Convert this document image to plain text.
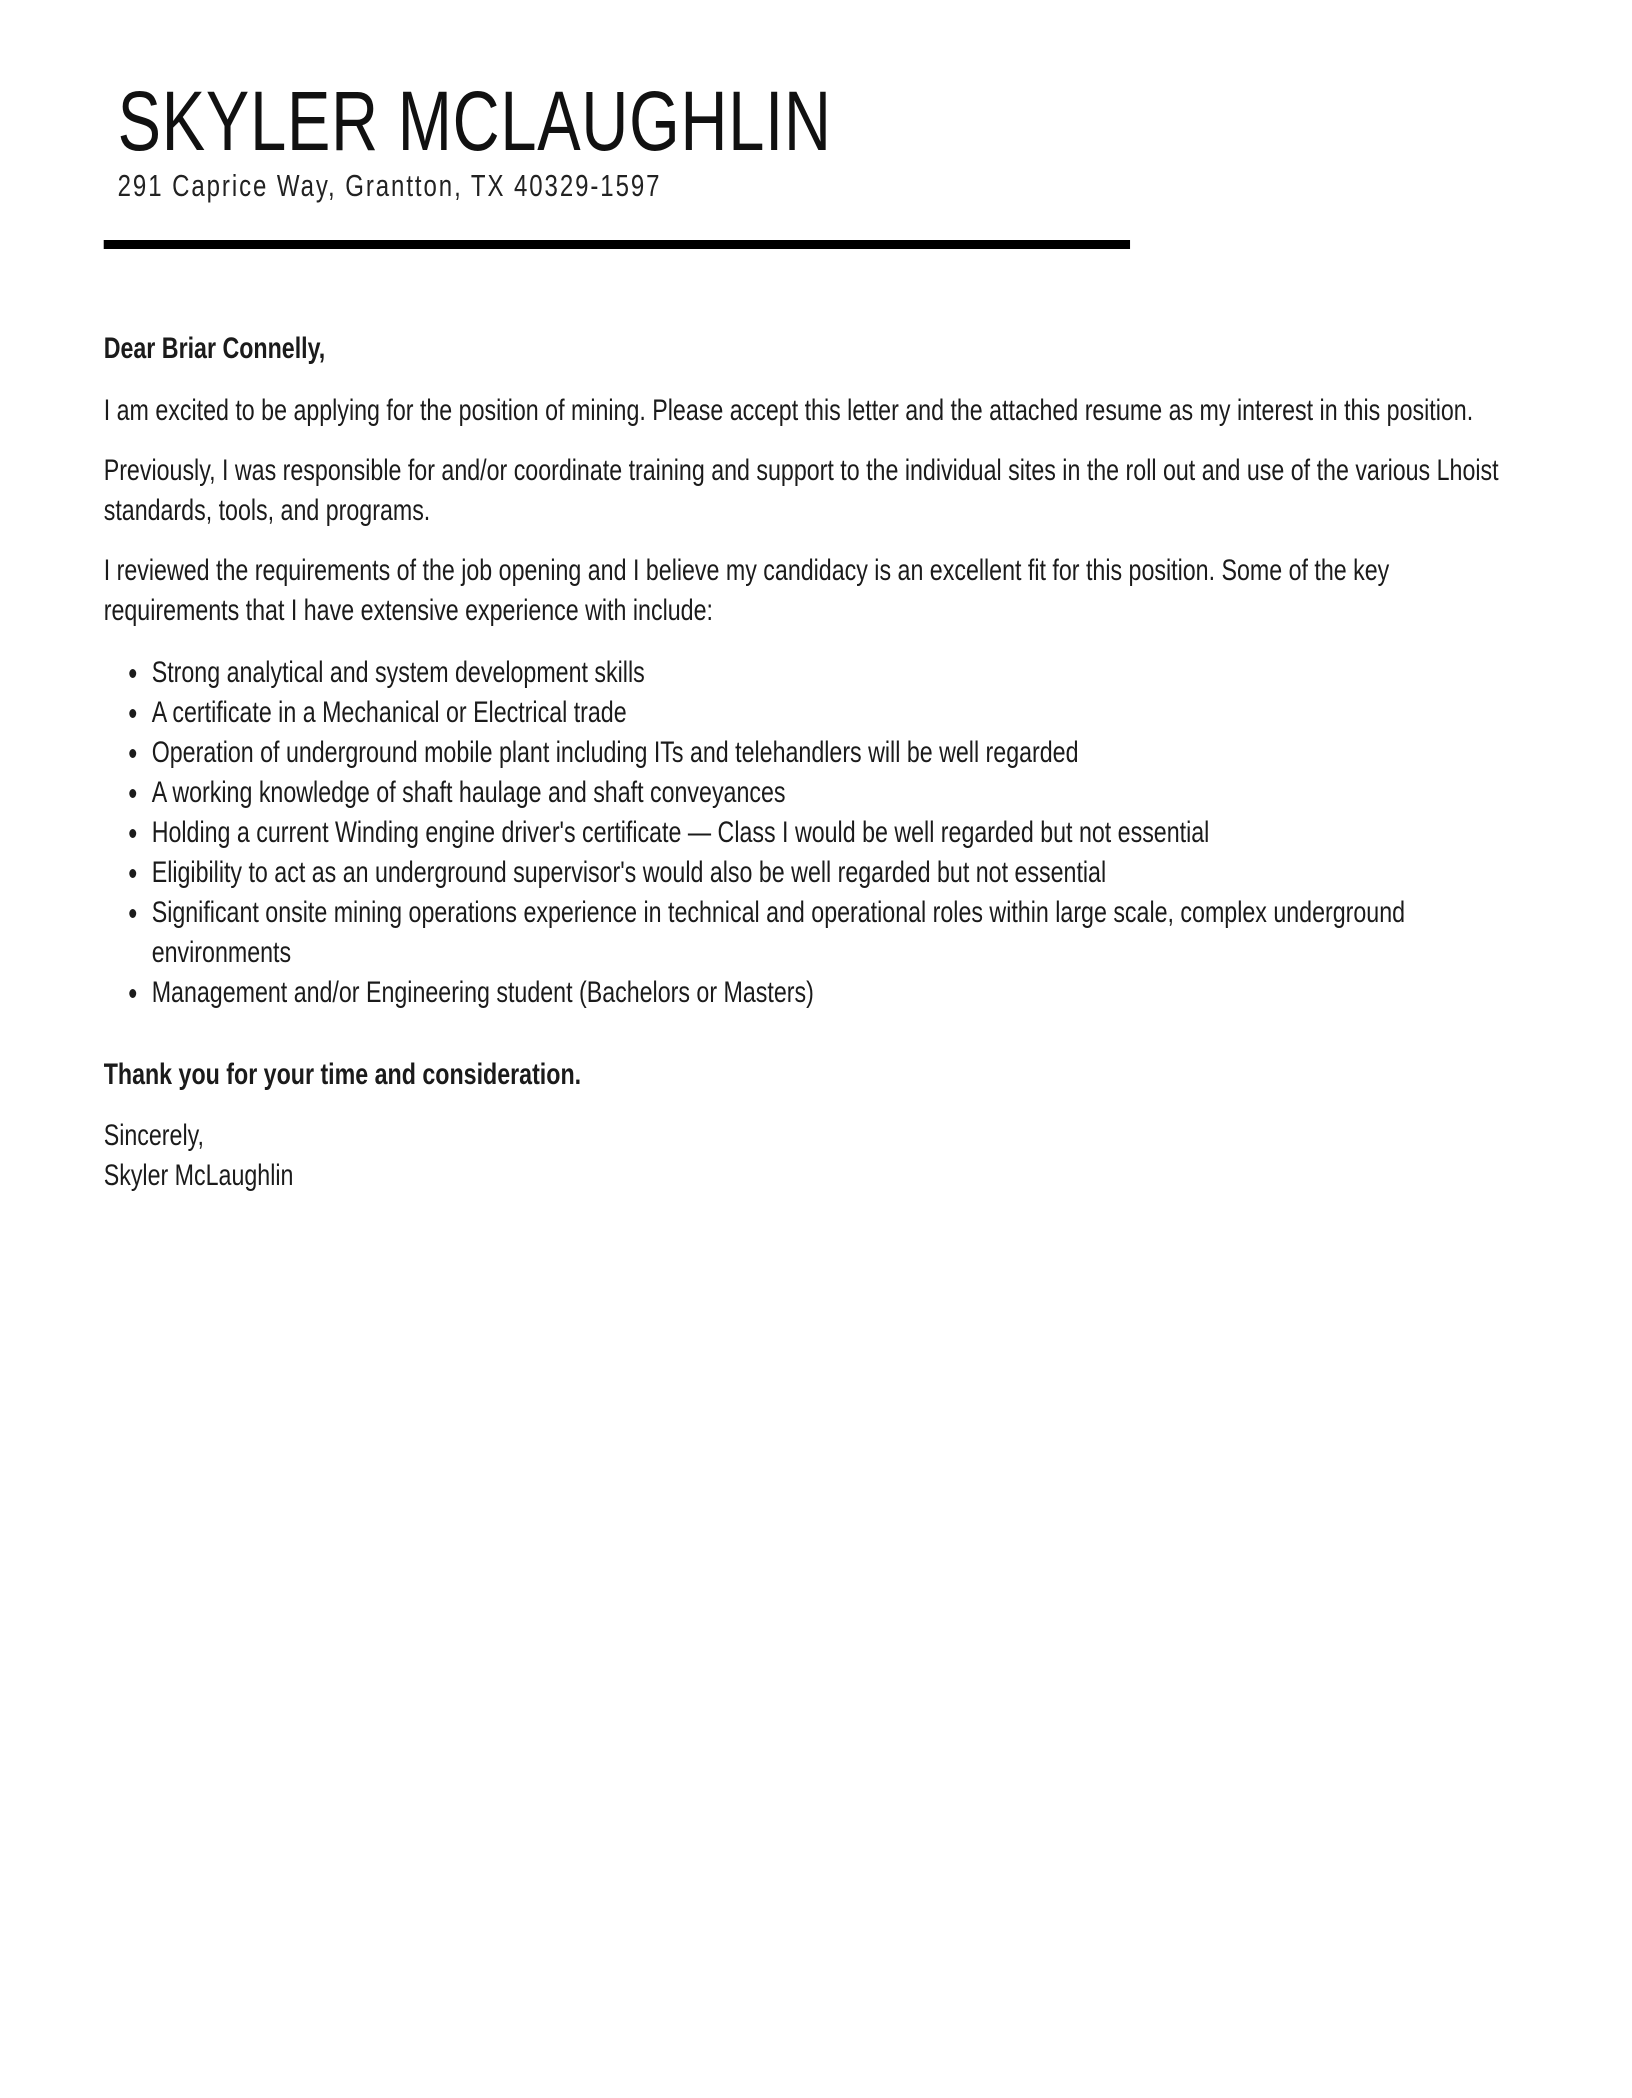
SKYLER MCLAUGHLIN
291 Caprice Way, Grantton, TX 40329-1597

Dear Briar Connelly,

I am excited to be applying for the position of mining. Please accept this letter and the attached resume as my interest in this position.

Previously, I was responsible for and/or coordinate training and support to the individual sites in the roll out and use of the various Lhoist standards, tools, and programs.

I reviewed the requirements of the job opening and I believe my candidacy is an excellent fit for this position. Some of the key requirements that I have extensive experience with include:

Strong analytical and system development skills
A certificate in a Mechanical or Electrical trade
Operation of underground mobile plant including ITs and telehandlers will be well regarded
A working knowledge of shaft haulage and shaft conveyances
Holding a current Winding engine driver's certificate — Class I would be well regarded but not essential
Eligibility to act as an underground supervisor's would also be well regarded but not essential
Significant onsite mining operations experience in technical and operational roles within large scale, complex underground environments
Management and/or Engineering student (Bachelors or Masters)

Thank you for your time and consideration.

Sincerely,

Skyler McLaughlin
